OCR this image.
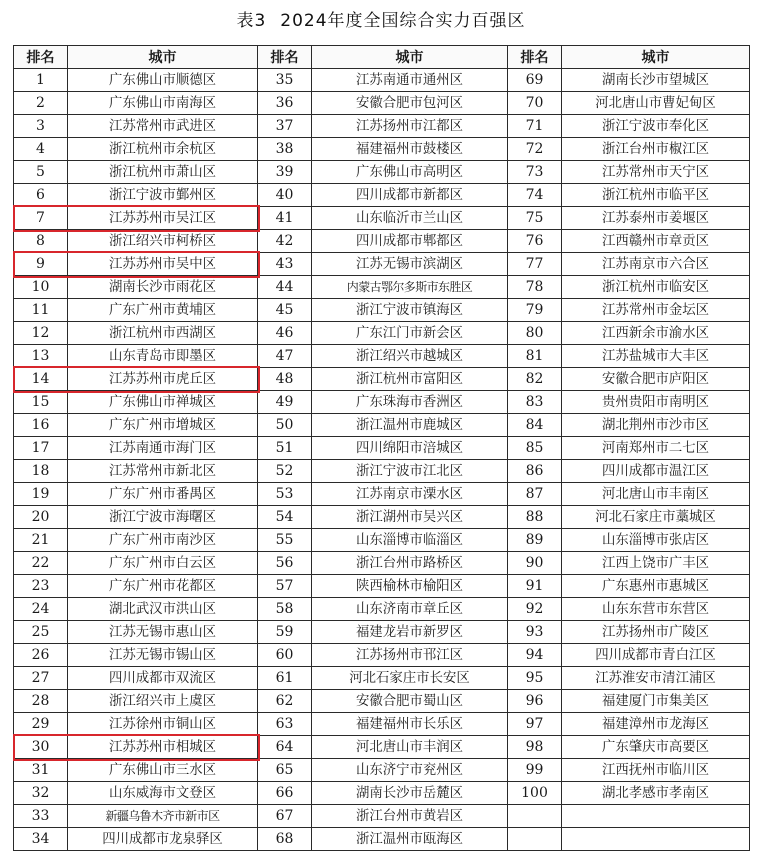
表3 2024年度全国综合实力百强区
排名	城市	排名	城市	排名	城市
1	广东佛山市顺德区	35	江苏南通市通州区	69	湖南长沙市望城区
2	广东佛山市南海区	36	安徽合肥市包河区	70	河北唐山市曹妃甸区
3	江苏常州市武进区	37	江苏扬州市江都区	71	浙江宁波市奉化区
4	浙江杭州市余杭区	38	福建福州市鼓楼区	72	浙江台州市椒江区
5	浙江杭州市萧山区	39	广东佛山市高明区	73	江苏常州市天宁区
6	浙江宁波市鄞州区	40	四川成都市新都区	74	浙江杭州市临平区
7	江苏苏州市吴江区	41	山东临沂市兰山区	75	江苏泰州市姜堰区
8	浙江绍兴市柯桥区	42	四川成都市郫都区	76	江西赣州市章贡区
9	江苏苏州市吴中区	43	江苏无锡市滨湖区	77	江苏南京市六合区
10	湖南长沙市雨花区	44	内蒙古鄂尔多斯市东胜区	78	浙江杭州市临安区
11	广东广州市黄埔区	45	浙江宁波市镇海区	79	江苏常州市金坛区
12	浙江杭州市西湖区	46	广东江门市新会区	80	江西新余市渝水区
13	山东青岛市即墨区	47	浙江绍兴市越城区	81	江苏盐城市大丰区
14	江苏苏州市虎丘区	48	浙江杭州市富阳区	82	安徽合肥市庐阳区
15	广东佛山市禅城区	49	广东珠海市香洲区	83	贵州贵阳市南明区
16	广东广州市增城区	50	浙江温州市鹿城区	84	湖北荆州市沙市区
17	江苏南通市海门区	51	四川绵阳市涪城区	85	河南郑州市二七区
18	江苏常州市新北区	52	浙江宁波市江北区	86	四川成都市温江区
19	广东广州市番禺区	53	江苏南京市溧水区	87	河北唐山市丰南区
20	浙江宁波市海曙区	54	浙江湖州市吴兴区	88	河北石家庄市藁城区
21	广东广州市南沙区	55	山东淄博市临淄区	89	山东淄博市张店区
22	广东广州市白云区	56	浙江台州市路桥区	90	江西上饶市广丰区
23	广东广州市花都区	57	陕西榆林市榆阳区	91	广东惠州市惠城区
24	湖北武汉市洪山区	58	山东济南市章丘区	92	山东东营市东营区
25	江苏无锡市惠山区	59	福建龙岩市新罗区	93	江苏扬州市广陵区
26	江苏无锡市锡山区	60	江苏扬州市邗江区	94	四川成都市青白江区
27	四川成都市双流区	61	河北石家庄市长安区	95	江苏淮安市清江浦区
28	浙江绍兴市上虞区	62	安徽合肥市蜀山区	96	福建厦门市集美区
29	江苏徐州市铜山区	63	福建福州市长乐区	97	福建漳州市龙海区
30	江苏苏州市相城区	64	河北唐山市丰润区	98	广东肇庆市高要区
31	广东佛山市三水区	65	山东济宁市兖州区	99	江西抚州市临川区
32	山东威海市文登区	66	湖南长沙市岳麓区	100	湖北孝感市孝南区
33	新疆乌鲁木齐市新市区	67	浙江台州市黄岩区		
34	四川成都市龙泉驿区	68	浙江温州市瓯海区		
